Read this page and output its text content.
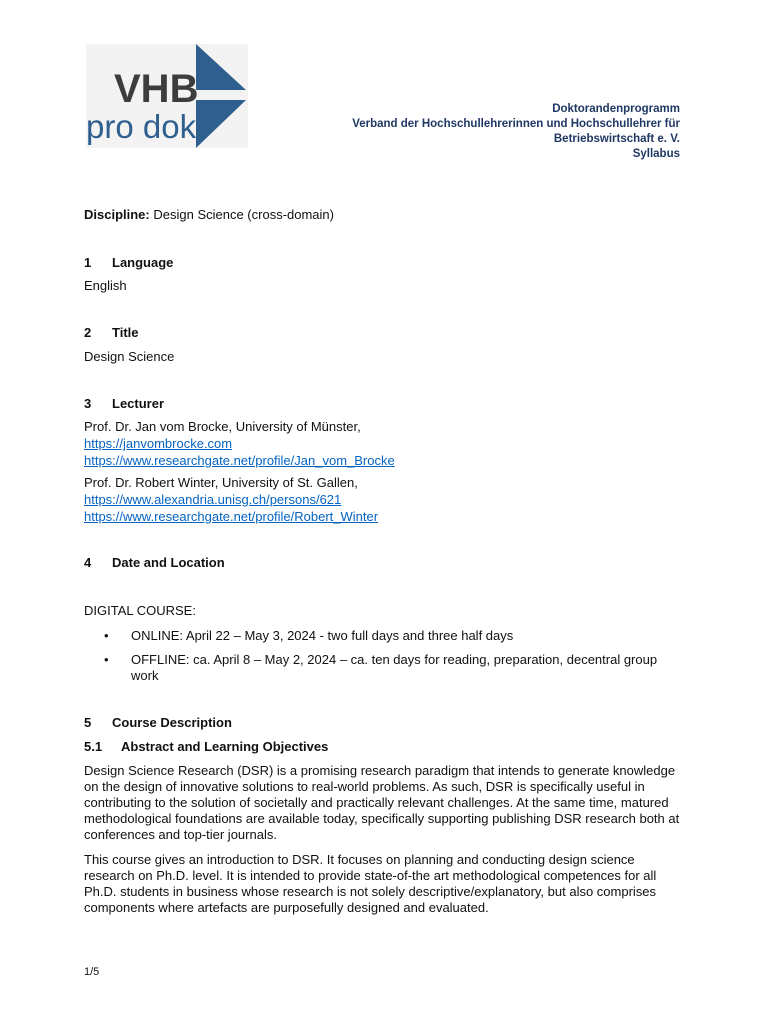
VHB
pro dok	Doktorandenprogramm
Verband der Hochschullehrerinnen und Hochschullehrer für
Betriebswirtschaft e. V.
Syllabus
Discipline: Design Science (cross-domain)
1 Language
English
2 Title
Design Science
3 Lecturer
Prof. Dr. Jan vom Brocke, University of Münster,
https://janvombrocke.com
https://www.researchgate.net/profile/Jan_vom_Brocke
Prof. Dr. Robert Winter, University of St. Gallen,
https://www.alexandria.unisg.ch/persons/621
https://www.researchgate.net/profile/Robert_Winter
4 Date and Location
DIGITAL COURSE:
• ONLINE: April 22 – May 3, 2024 - two full days and three half days
• OFFLINE: ca. April 8 – May 2, 2024 – ca. ten days for reading, preparation, decentral group
work
5 Course Description
5.1 Abstract and Learning Objectives
Design Science Research (DSR) is a promising research paradigm that intends to generate knowledge on the design of innovative solutions to real-world problems. As such, DSR is specifically useful in contributing to the solution of societally and practically relevant challenges. At the same time, matured methodological foundations are available today, specifically supporting publishing DSR research both at conferences and top-tier journals.
This course gives an introduction to DSR. It focuses on planning and conducting design science research on Ph.D. level. It is intended to provide state-of-the art methodological competences for all Ph.D. students in business whose research is not solely descriptive/explanatory, but also comprises components where artefacts are purposefully designed and evaluated.
1/5
